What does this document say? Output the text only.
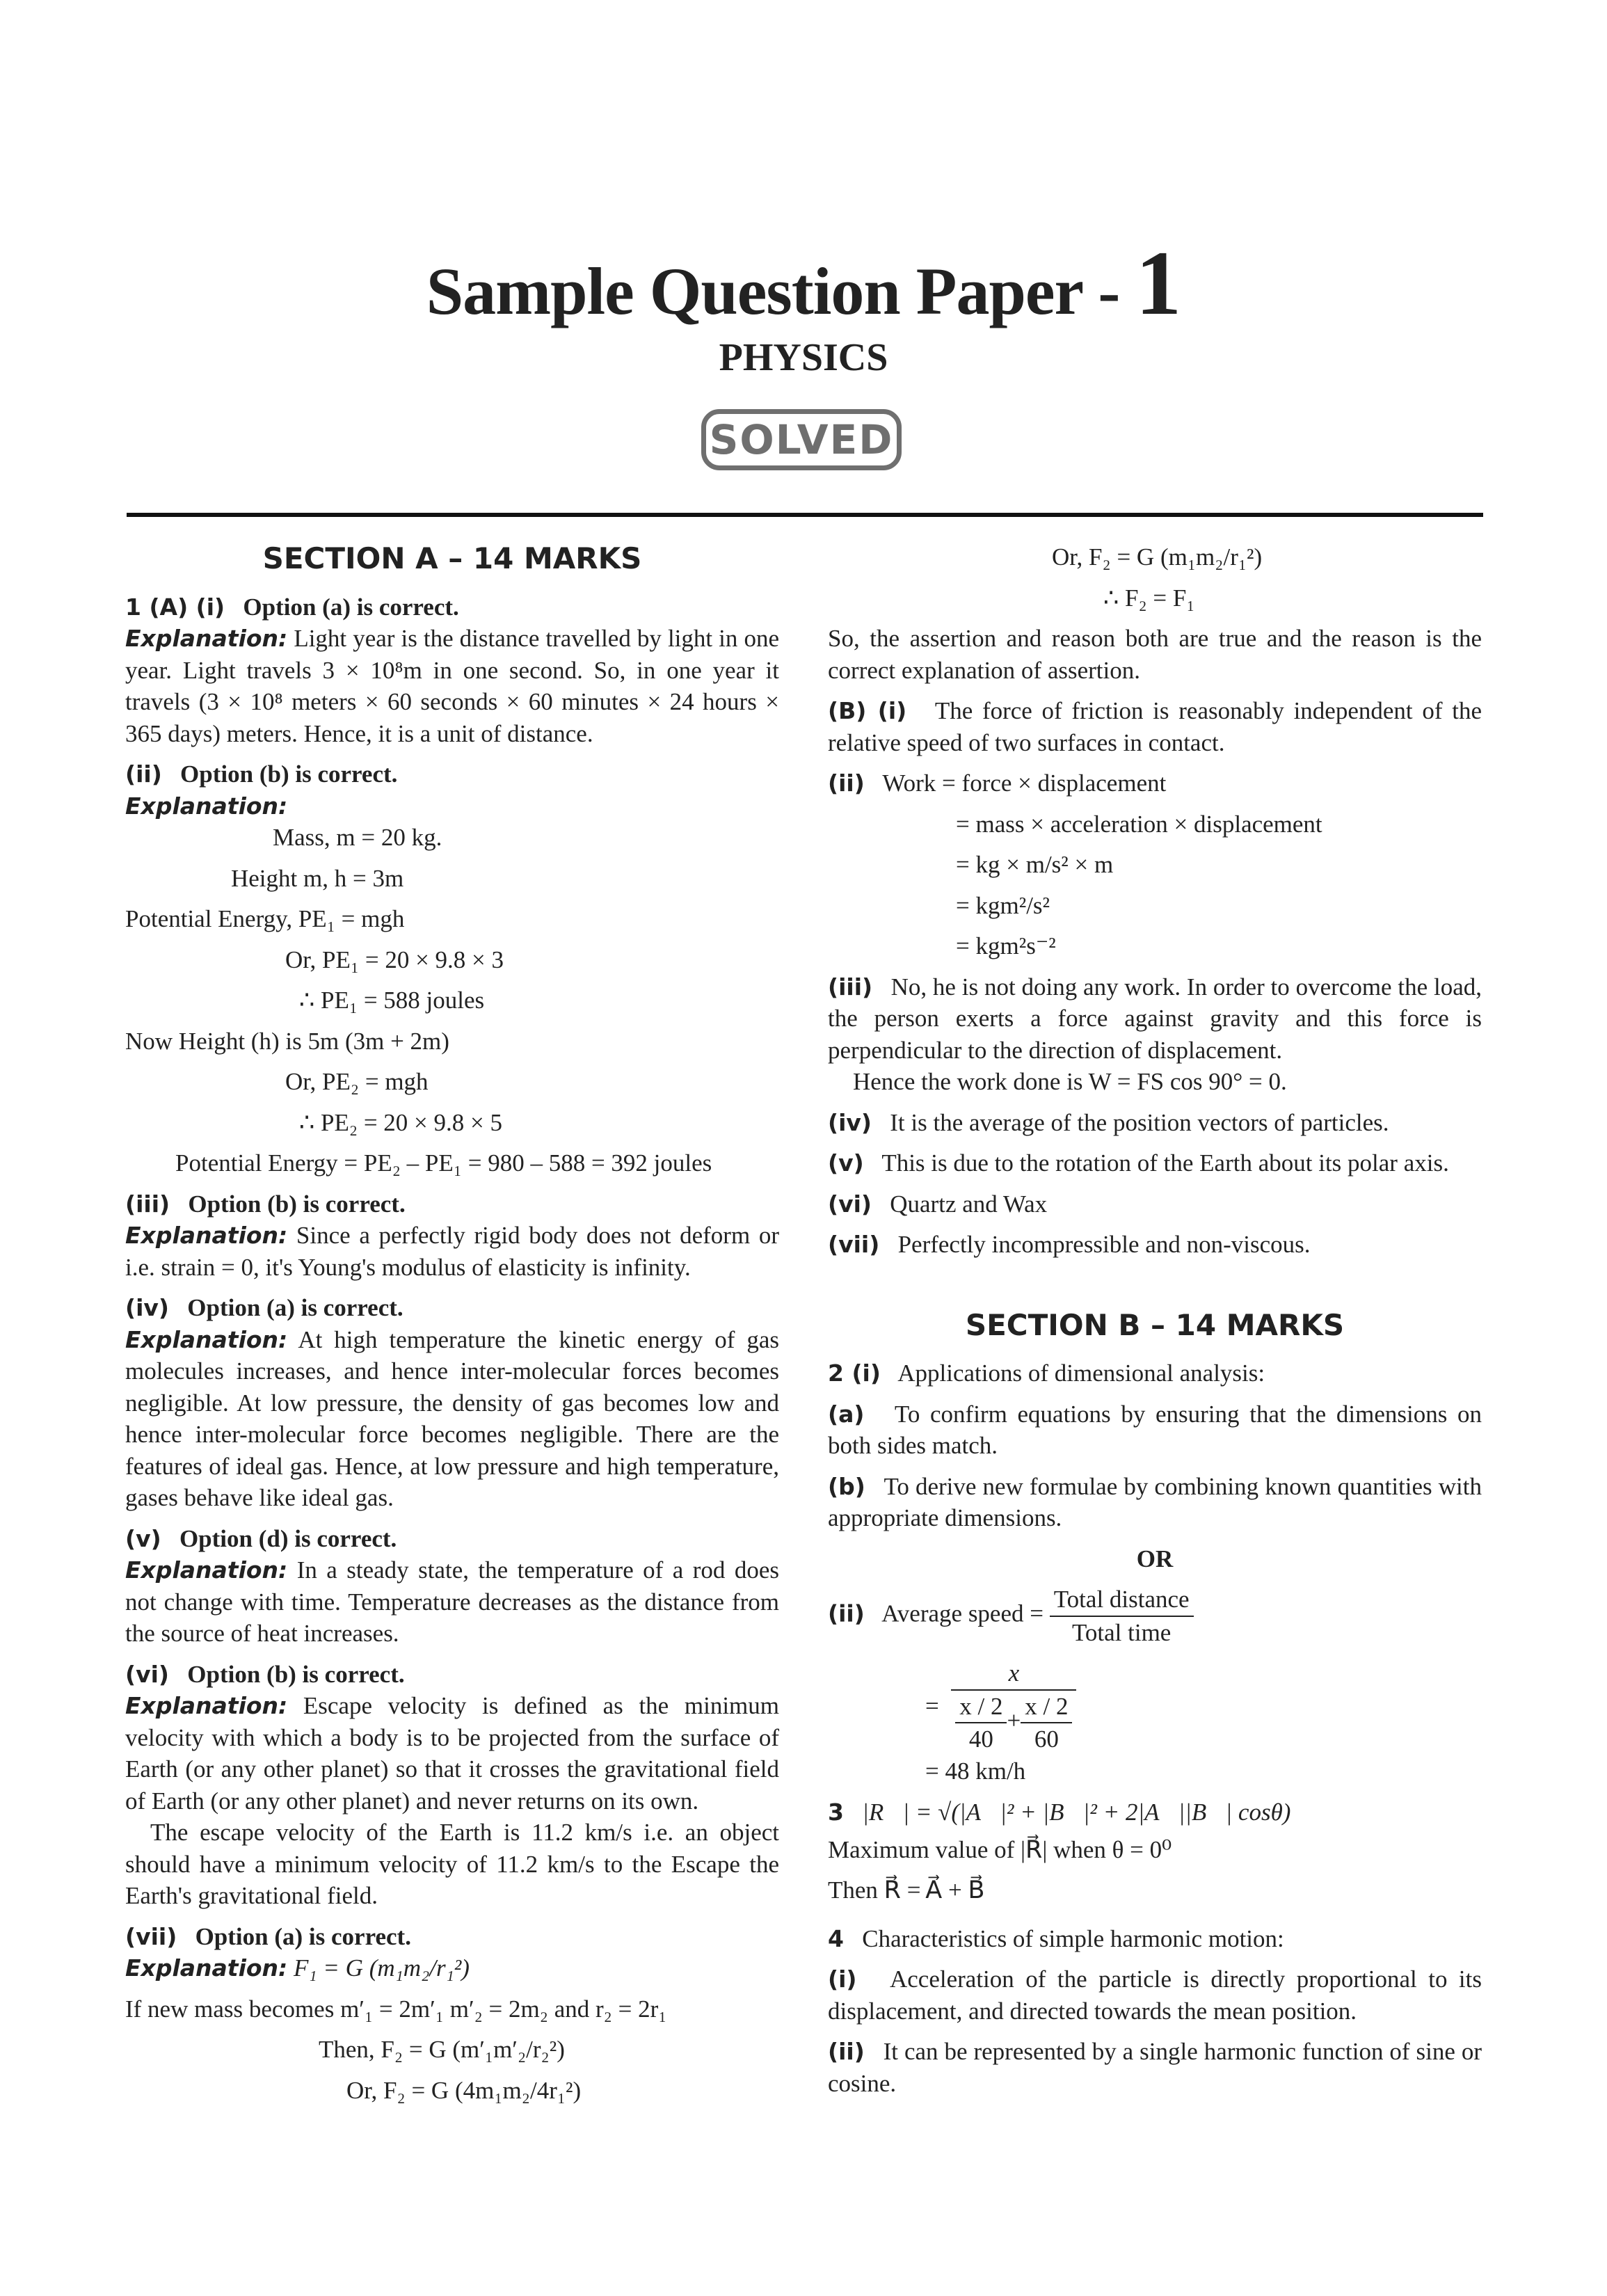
Sample Question Paper - 1
PHYSICS
SOLVED
SECTION A – 14 MARKS

1 (A) (i) Option (a) is correct.

Explanation: Light year is the distance travelled by light in one year. Light travels 3 × 10⁸m in one second. So, in one year it travels (3 × 10⁸ meters × 60 seconds × 60 minutes × 24 hours × 365 days) meters. Hence, it is a unit of distance.

(ii) Option (b) is correct.

Explanation:

Mass, m = 20 kg.

Height m, h = 3m

Potential Energy, PE₁ = mgh

Or, PE₁ = 20 × 9.8 × 3

∴ PE₁ = 588 joules

Now Height (h) is 5m (3m + 2m)

Or, PE₂ = mgh

∴ PE₂ = 20 × 9.8 × 5

Potential Energy = PE₂ – PE₁ = 980 – 588 = 392 joules

(iii) Option (b) is correct.

Explanation: Since a perfectly rigid body does not deform or i.e. strain = 0, it's Young's modulus of elasticity is infinity.

(iv) Option (a) is correct.

Explanation: At high temperature the kinetic energy of gas molecules increases, and hence inter-molecular forces becomes negligible. At low pressure, the density of gas becomes low and hence inter-molecular force becomes negligible. There are the features of ideal gas. Hence, at low pressure and high temperature, gases behave like ideal gas.

(v) Option (d) is correct.

Explanation: In a steady state, the temperature of a rod does not change with time. Temperature decreases as the distance from the source of heat increases.

(vi) Option (b) is correct.

Explanation: Escape velocity is defined as the minimum velocity with which a body is to be projected from the surface of Earth (or any other planet) so that it crosses the gravitational field of Earth (or any other planet) and never returns on its own.

The escape velocity of the Earth is 11.2 km/s i.e. an object should have a minimum velocity of 11.2 km/s to the Escape the Earth's gravitational field.

(vii) Option (a) is correct.

Explanation: F₁ = G (m₁m₂/r₁²)

If new mass becomes m′₁ = 2m′₁ m′₂ = 2m₂ and r₂ = 2r₁

Then, F₂ = G (m′₁m′₂/r₂²)

Or, F₂ = G (4m₁m₂/4r₁²)

Or, F₂ = G (m₁m₂/r₁²)

∴ F₂ = F₁

So, the assertion and reason both are true and the reason is the correct explanation of assertion.

(B) (i) The force of friction is reasonably independent of the relative speed of two surfaces in contact.

(ii) Work = force × displacement

= mass × acceleration × displacement

= kg × m/s² × m

= kgm²/s²

= kgm²s⁻²

(iii) No, he is not doing any work. In order to overcome the load, the person exerts a force against gravity and this force is perpendicular to the direction of displacement.

Hence the work done is W = FS cos 90° = 0.

(iv) It is the average of the position vectors of particles.

(v) This is due to the rotation of the Earth about its polar axis.

(vi) Quartz and Wax

(vii) Perfectly incompressible and non-viscous.

SECTION B – 14 MARKS

2 (i) Applications of dimensional analysis:

(a) To confirm equations by ensuring that the dimensions on both sides match.

(b) To derive new formulae by combining known quantities with appropriate dimensions.

OR

(ii) Average speed = $\frac{\text{Total distance}}{\text{Total time}}$

= $\frac{x}{\frac{x / 2}{40} + \frac{x / 2}{60}}$

= 48 km/h

3 |R⃗| = √(|A⃗|² + |B⃗|² + 2|A⃗||B⃗| cosθ)

Maximum value of |R⃗| when θ = 0⁰

Then R⃗ = A⃗ + B⃗

4 Characteristics of simple harmonic motion:

(i) Acceleration of the particle is directly proportional to its displacement, and directed towards the mean position.

(ii) It can be represented by a single harmonic function of sine or cosine.
